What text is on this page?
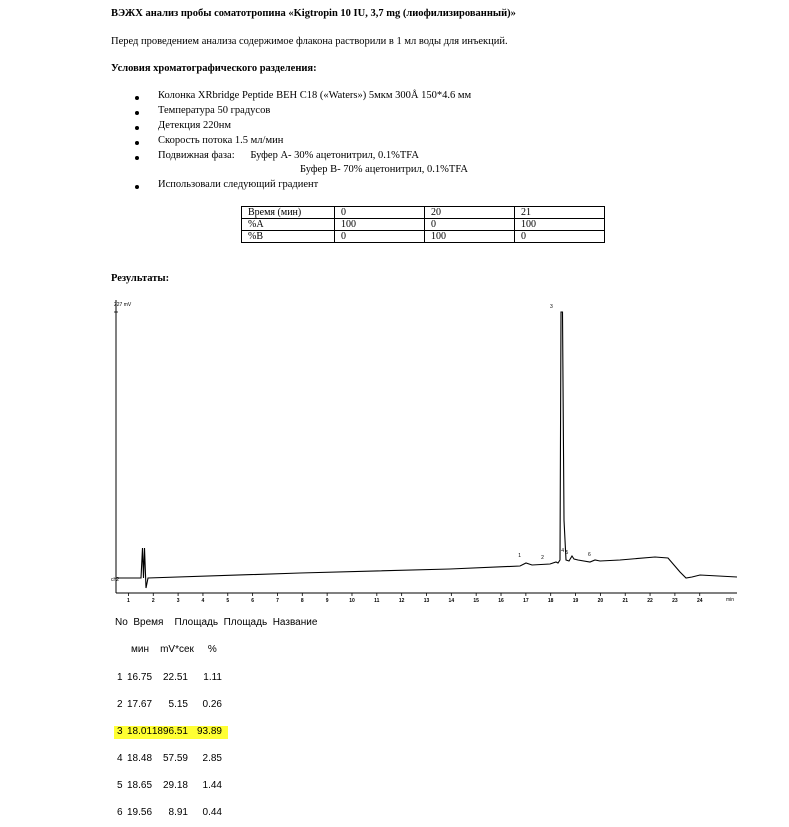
ВЭЖХ анализ пробы соматотропина «Kigtropin 10 IU, 3,7 mg (лиофилизированный)»
Перед проведением анализа содержимое флакона растворили в 1 мл воды для инъекций.
Условия хроматографического разделения:
Колонка XRbridge Peptide BEH C18 («Waters») 5мкм 300Å 150*4.6 мм
Температура 50 градусов
Детекция 220нм
Скорость потока 1.5 мл/мин
Подвижная фаза:      Буфер А- 30% ацетонитрил, 0.1%TFA
Буфер В- 70% ацетонитрил, 0.1%TFA
Использовали следующий градиент
Время (мин)	0	20	21
%А	100	0	100
%В	0	100	0
Результаты:
227 mV
ch2
min
1	2	3	4	5	6	7	8	9	10	11	12	13	14	15	16	17	18	19	20	21	22	23	24
1	2
3
4 5	6
No  Время    Площадь  Площадь  Название
мин    mV*сек     %
1 16.75	22.51	1.11
2 17.67	5.15	0.26
3 18.01 1896.51 93.89
4 18.48	57.59	2.85
5 18.65	29.18	1.44
6 19.56	8.91	0.44
